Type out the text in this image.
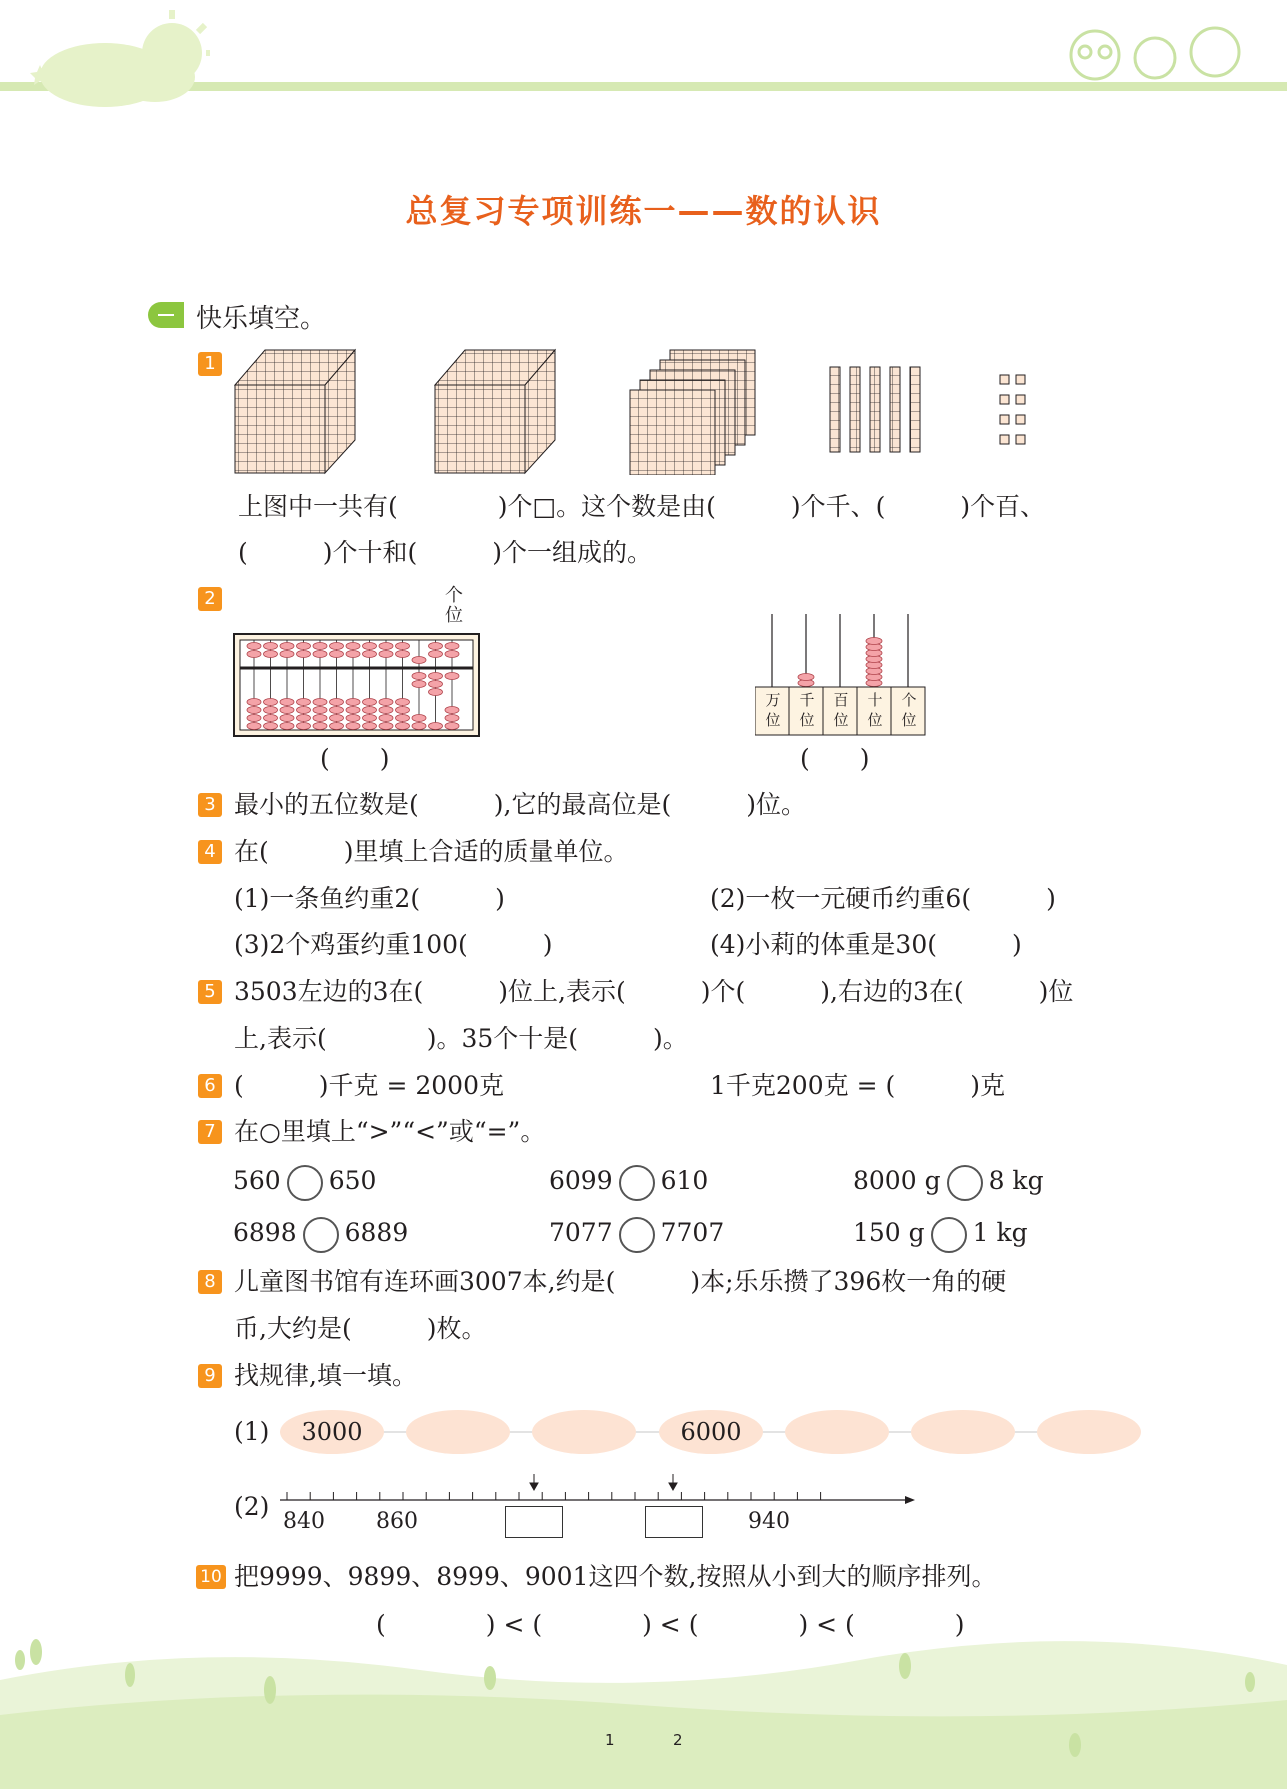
总复习专项训练一——数的认识
快乐填空。
1
上图中一共有(　　　　)个□。这个数是由(　　　)个千、(　　　)个百、
(　　　)个十和(　　　)个一组成的。
2	个
位
(　　)
万
位
千
位
百
位
十
位
个
位
(　　)
3 最小的五位数是(　　　),它的最高位是(　　　)位。
4 在(　　　)里填上合适的质量单位。
(1)一条鱼约重2(　　　)	(2)一枚一元硬币约重6(　　　)
(3)2个鸡蛋约重100(　　　)	(4)小莉的体重是30(　　　)
5 3503左边的3在(　　　)位上,表示(　　　)个(　　　),右边的3在(　　　)位
上,表示(　　　　)。35个十是(　　　)。
6 (　　　)千克 = 2000克	1千克200克 = (　　　)克
7 在○里填上“>”“<”或“=”。
560 650	6099 610	8000 g 8 kg
6898 6889	7077 7707	150 g 1 kg
8 儿童图书馆有连环画3007本,约是(　　　)本;乐乐攒了396枚一角的硬
币,大约是(　　　)枚。
9 找规律,填一填。
(1)	3000	6000
(2)
840 860	940
10 把9999、9899、8999、9001这四个数,按照从小到大的顺序排列。
(　　　　) < (　　　　) < (　　　　) < (　　　　)
1	2
